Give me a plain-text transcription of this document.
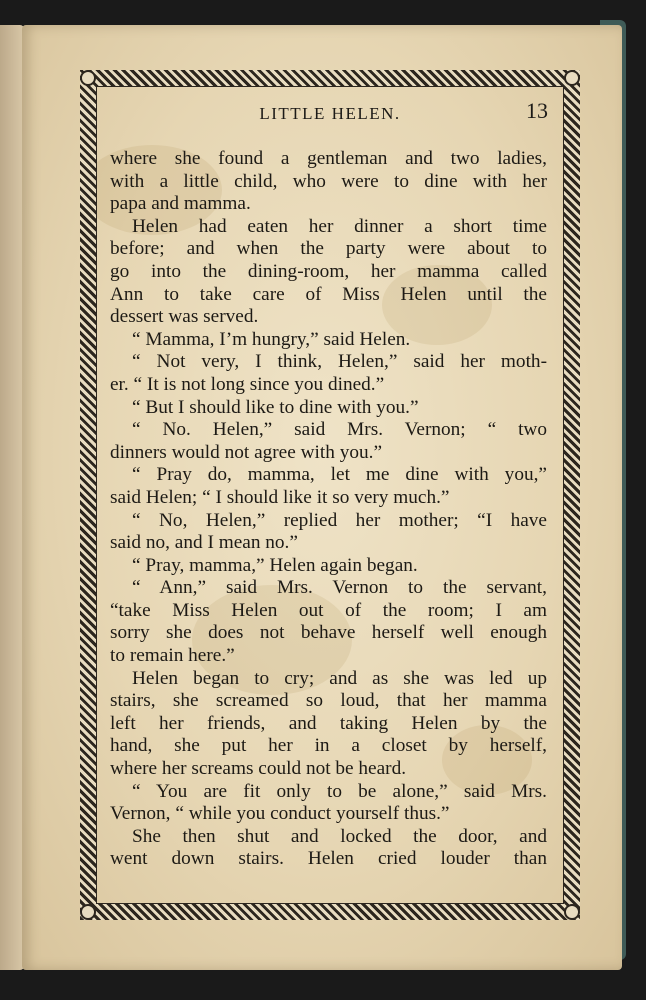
LITTLE HELEN.	13
where she found a gentleman and two ladies,
with a little child, who were to dine with her
papa and mamma.
Helen had eaten her dinner a short time
before; and when the party were about to
go into the dining-room, her mamma called
Ann to take care of Miss Helen until the
dessert was served.
“ Mamma, I’m hungry,” said Helen.
“ Not very, I think, Helen,” said her moth-
er. “ It is not long since you dined.”
“ But I should like to dine with you.”
“ No. Helen,” said Mrs. Vernon; “ two
dinners would not agree with you.”
“ Pray do, mamma, let me dine with you,”
said Helen; “ I should like it so very much.”
“ No, Helen,” replied her mother; “I have
said no, and I mean no.”
“ Pray, mamma,” Helen again began.
“ Ann,” said Mrs. Vernon to the servant,
“take Miss Helen out of the room; I am
sorry she does not behave herself well enough
to remain here.”
Helen began to cry; and as she was led up
stairs, she screamed so loud, that her mamma
left her friends, and taking Helen by the
hand, she put her in a closet by herself,
where her screams could not be heard.
“ You are fit only to be alone,” said Mrs.
Vernon, “ while you conduct yourself thus.”
She then shut and locked the door, and
went down stairs. Helen cried louder than
